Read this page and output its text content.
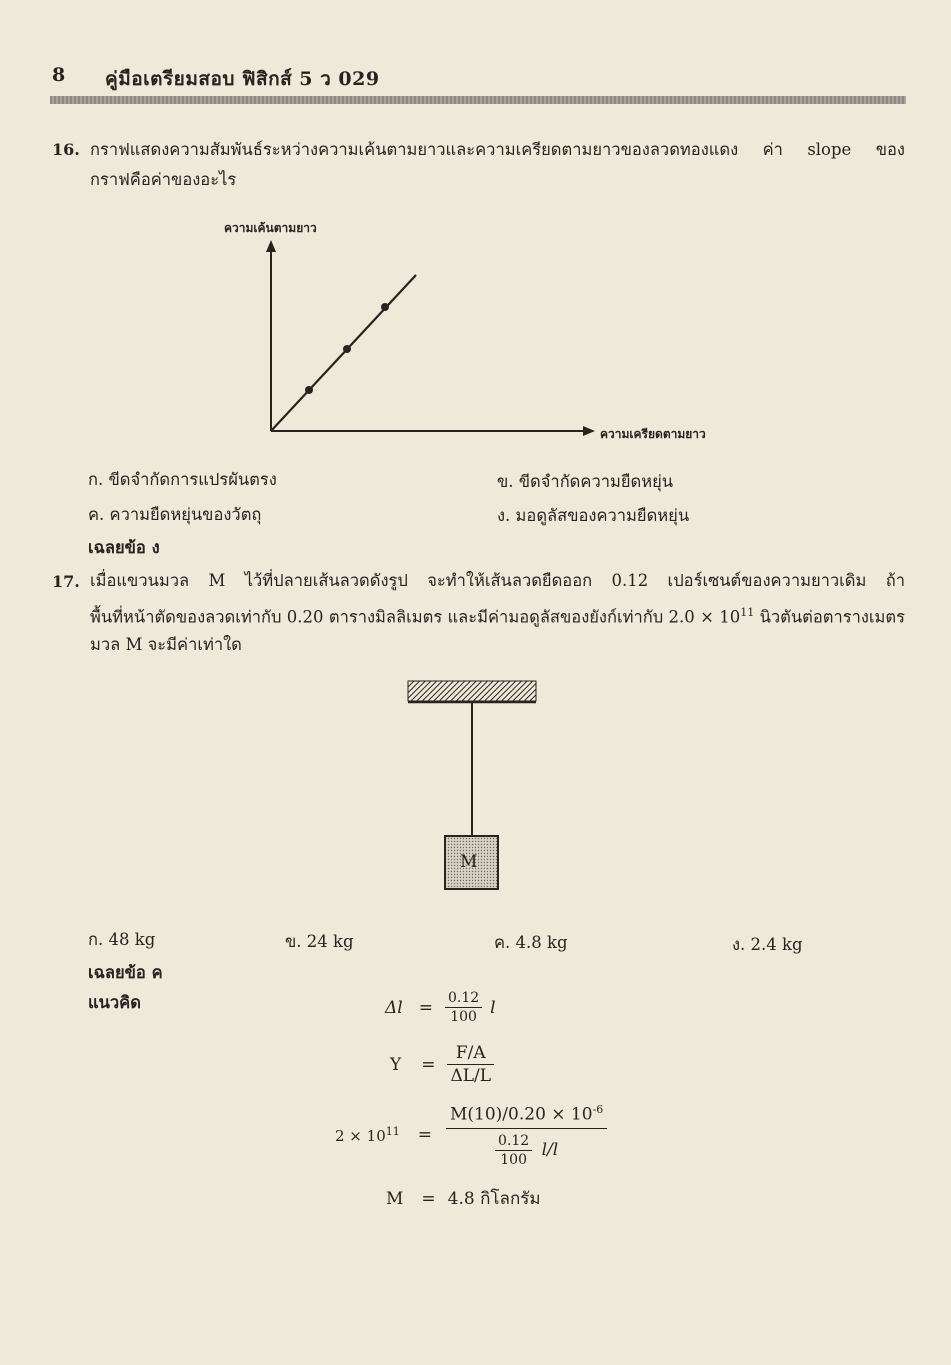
8 คู่มือเตรียมสอบ ฟิสิกส์ 5 ว 029
16. กราฟแสดงความสัมพันธ์ระหว่างความเค้นตามยาวและความเครียดตามยาวของลวดทองแดง ค่า slope ของ
กราฟคือค่าของอะไร
ความเค้นตามยาว
ความเครียดตามยาว
ก. ขีดจำกัดการแปรผันตรง	ข. ขีดจำกัดความยืดหยุ่น
ค. ความยืดหยุ่นของวัตถุ	ง. มอดูลัสของความยืดหยุ่น
เฉลยข้อ ง
17. เมื่อแขวนมวล M ไว้ที่ปลายเส้นลวดดังรูป จะทำให้เส้นลวดยืดออก 0.12 เปอร์เซนต์ของความยาวเดิม ถ้า
พื้นที่หน้าตัดของลวดเท่ากับ 0.20 ตารางมิลลิเมตร และมีค่ามอดูลัสของยังก์เท่ากับ $2.0 \times 10^{11}$ นิวตันต่อตารางเมตร
มวล M จะมีค่าเท่าใด
M
ก. 48 kg	ข. 24 kg	ค. 4.8 kg	ง. 2.4 kg
เฉลยข้อ ค
แนวคิด	$\Delta l = \frac{0.12}{100}$ l
$Y = \frac{F/A}{\Delta L/L}$
$2 \times 10^{11} = \frac{M(10)/0.20 \times 10^{-6}}{\frac{0.12}{100} l/l}$
M = 4.8 กิโลกรัม
